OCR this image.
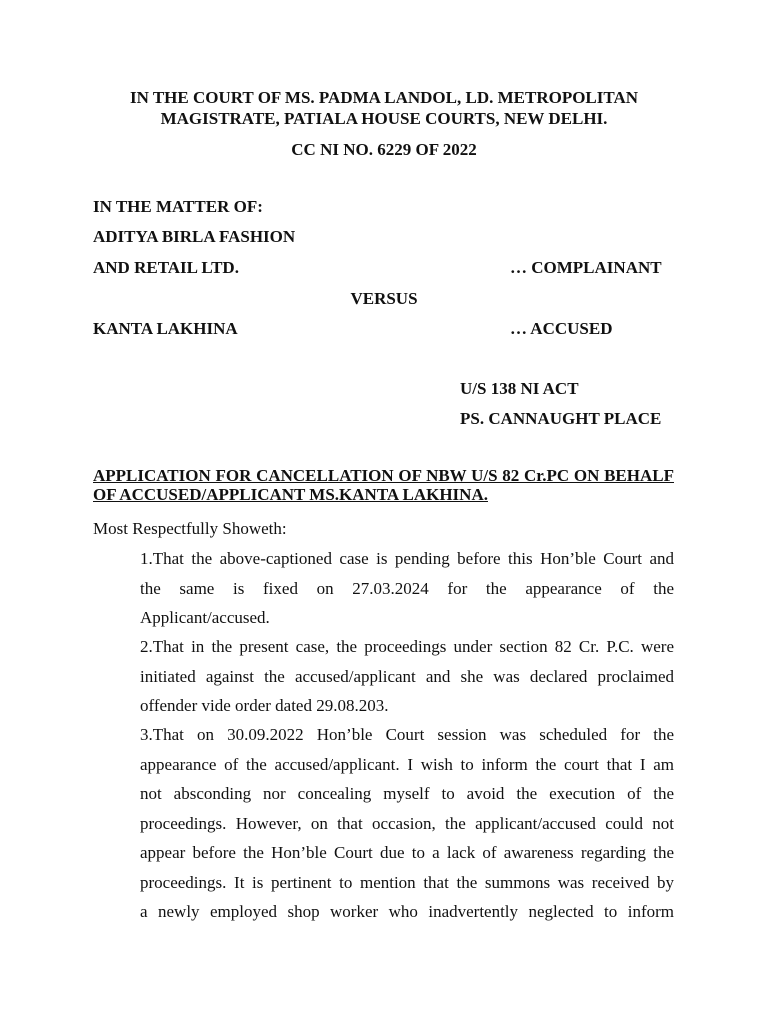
IN THE COURT OF MS. PADMA LANDOL, LD. METROPOLITAN MAGISTRATE, PATIALA HOUSE COURTS, NEW DELHI.
CC NI NO. 6229 OF 2022
IN THE MATTER OF:
ADITYA BIRLA FASHION
AND RETAIL LTD.	… COMPLAINANT
VERSUS
KANTA LAKHINA	… ACCUSED
U/S 138 NI ACT
PS. CANNAUGHT PLACE
APPLICATION FOR CANCELLATION OF NBW U/S 82 Cr.PC ON BEHALF OF ACCUSED/APPLICANT MS.KANTA LAKHINA.
Most Respectfully Showeth:
1.That the above-captioned case is pending before this Hon’ble Court and
the same is fixed on 27.03.2024 for the appearance of the
Applicant/accused.
2.That in the present case, the proceedings under section 82 Cr. P.C. were
initiated against the accused/applicant and she was declared proclaimed
offender vide order dated 29.08.203.
3.That on 30.09.2022 Hon’ble Court session was scheduled for the
appearance of the accused/applicant. I wish to inform the court that I am
not absconding nor concealing myself to avoid the execution of the
proceedings. However, on that occasion, the applicant/accused could not
appear before the Hon’ble Court due to a lack of awareness regarding the
proceedings. It is pertinent to mention that the summons was received by
a newly employed shop worker who inadvertently neglected to inform
